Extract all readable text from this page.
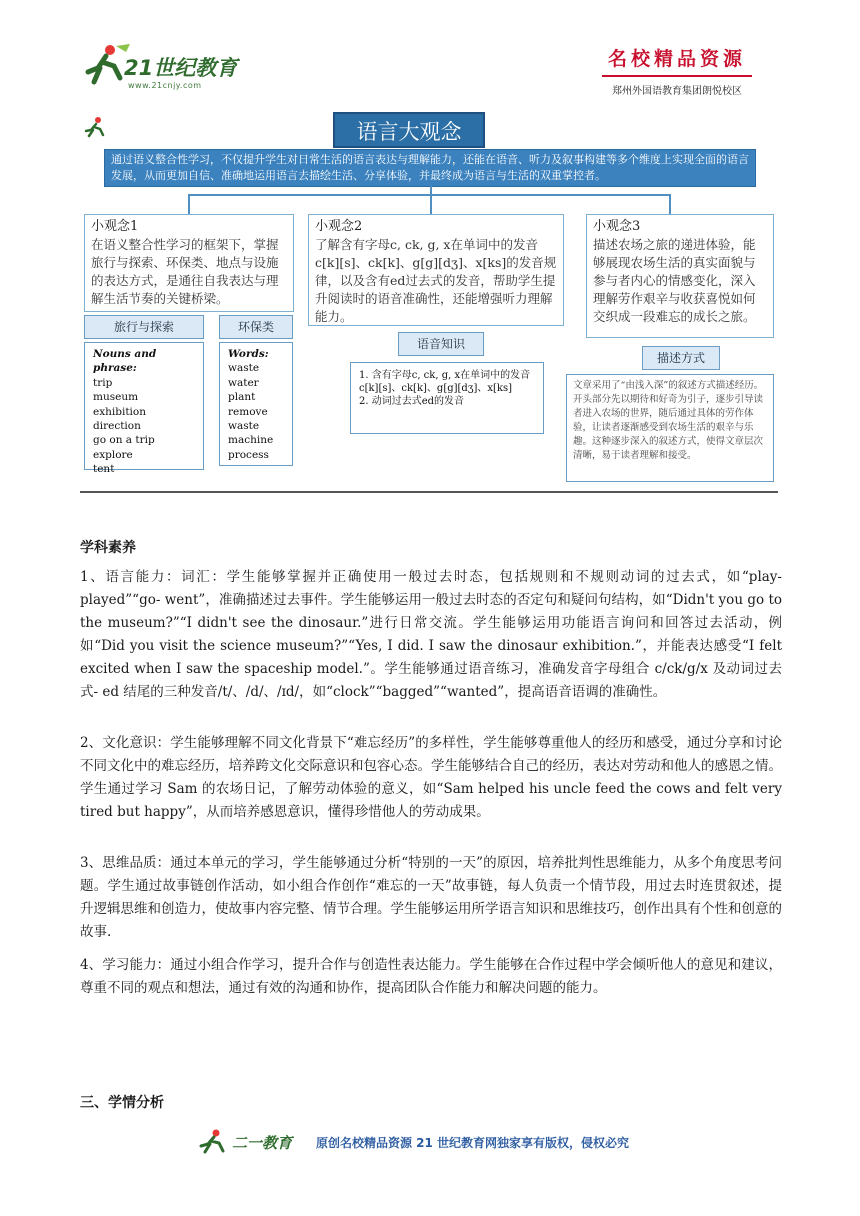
21世纪教育
www.21cnjy.com
名校精品资源
郑州外国语教育集团朗悦校区
语言大观念
通过语义整合性学习，不仅提升学生对日常生活的语言表达与理解能力，还能在语音、听力及叙事构建等多个维度上实现全面的语言发展，从而更加自信、准确地运用语言去描绘生活、分享体验，并最终成为语言与生活的双重掌控者。
小观念1
在语义整合性学习的框架下，掌握旅行与探索、环保类、地点与设施的表达方式，是通往自我表达与理解生活节奏的关键桥梁。
小观念2
了解含有字母c, ck, g, x在单词中的发音c[k][s]、ck[k]、g[g][dʒ]、x[ks]的发音规律，以及含有ed过去式的发音，帮助学生提升阅读时的语音准确性，还能增强听力理解能力。
小观念3
描述农场之旅的递进体验，能够展现农场生活的真实面貌与参与者内心的情感变化，深入理解劳作艰辛与收获喜悦如何交织成一段难忘的成长之旅。
旅行与探索	环保类
语音知识
描述方式
Nouns and phrase:
trip
museum
exhibition
direction
go on a trip
explore
tent
Words:
waste
water
plant
remove
waste
machine
process
1. 含有字母c, ck, g, x在单词中的发音c[k][s]、ck[k]、g[g][dʒ]、x[ks]
2. 动词过去式ed的发音
文章采用了“由浅入深”的叙述方式描述经历。开头部分先以期待和好奇为引子，逐步引导读者进入农场的世界，随后通过具体的劳作体验，让读者逐渐感受到农场生活的艰辛与乐趣。这种逐步深入的叙述方式，使得文章层次清晰，易于读者理解和接受。
学科素养
1、语言能力：词汇：学生能够掌握并正确使用一般过去时态，包括规则和不规则动词的过去式，如“play- played”“go- went”，准确描述过去事件。学生能够运用一般过去时态的否定句和疑问句结构，如“Didn't you go to the museum?”“I didn't see the dinosaur.”进行日常交流。学生能够运用功能语言询问和回答过去活动，例如“Did you visit the science museum?”“Yes, I did. I saw the dinosaur exhibition.”，并能表达感受“I felt excited when I saw the spaceship model.”。学生能够通过语音练习，准确发音字母组合 c/ck/g/x 及动词过去式- ed 结尾的三种发音/t/、/d/、/ɪd/，如“clock”“bagged”“wanted”，提高语音语调的准确性。
2、文化意识：学生能够理解不同文化背景下“难忘经历”的多样性，学生能够尊重他人的经历和感受，通过分享和讨论不同文化中的难忘经历，培养跨文化交际意识和包容心态。学生能够结合自己的经历，表达对劳动和他人的感恩之情。学生通过学习 Sam 的农场日记，了解劳动体验的意义，如“Sam helped his uncle feed the cows and felt very tired but happy”，从而培养感恩意识，懂得珍惜他人的劳动成果。
3、思维品质：通过本单元的学习，学生能够通过分析“特别的一天”的原因，培养批判性思维能力，从多个角度思考问题。学生通过故事链创作活动，如小组合作创作“难忘的一天”故事链，每人负责一个情节段，用过去时连贯叙述，提升逻辑思维和创造力，使故事内容完整、情节合理。学生能够运用所学语言知识和思维技巧，创作出具有个性和创意的故事.
4、学习能力：通过小组合作学习，提升合作与创造性表达能力。学生能够在合作过程中学会倾听他人的意见和建议，尊重不同的观点和想法，通过有效的沟通和协作，提高团队合作能力和解决问题的能力。
三、学情分析
二一教育 原创名校精品资源 21 世纪教育网独家享有版权，侵权必究
